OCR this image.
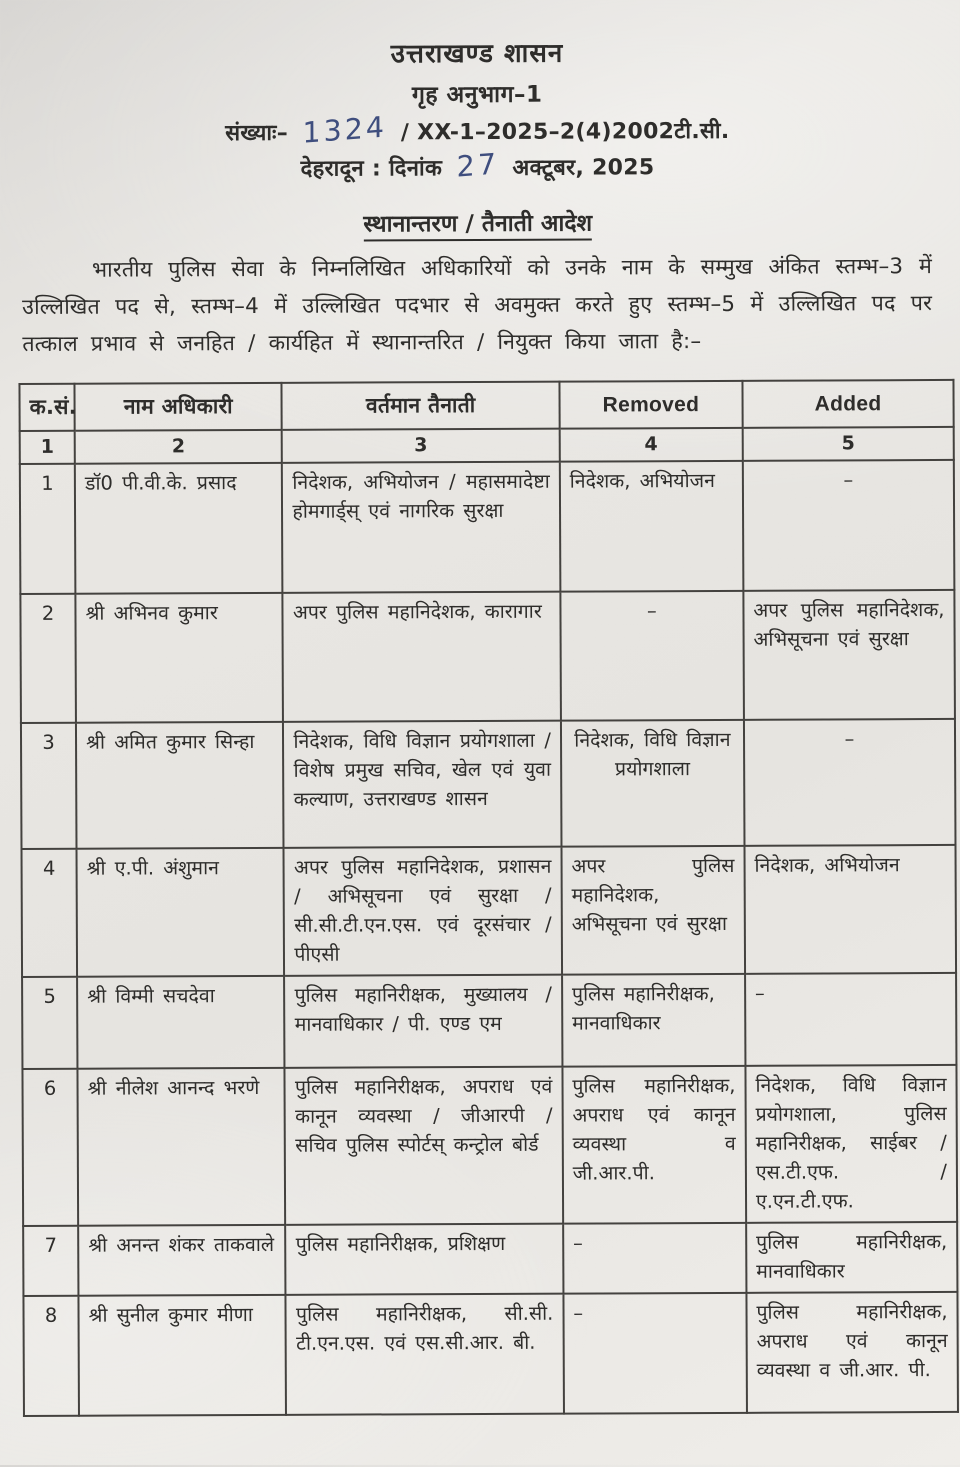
उत्तराखण्ड शासन
गृह अनुभाग–1
संख्याः– 1324 / XX-1–2025–2(4)2002टी.सी.
देहरादून : दिनांक 27 अक्टूबर, 2025
स्थानान्तरण / तैनाती आदेश

भारतीय पुलिस सेवा के निम्नलिखित अधिकारियों को उनके नाम के सम्मुख अंकित स्तम्भ–3 में उल्लिखित पद से, स्तम्भ–4 में उल्लिखित पदभार से अवमुक्त करते हुए स्तम्भ–5 में उल्लिखित पद पर तत्काल प्रभाव से जनहित / कार्यहित में स्थानान्तरित / नियुक्त किया जाता है:–

क.सं.	नाम अधिकारी	वर्तमान तैनाती	Removed	Added
1	2	3	4	5
1	डॉ0 पी.वी.के. प्रसाद	निदेशक, अभियोजन / महासमादेष्टा होमगार्ड्स् एवं नागरिक सुरक्षा	निदेशक, अभियोजन	–
2	श्री अभिनव कुमार	अपर पुलिस महानिदेशक, कारागार	–	अपर पुलिस महानिदेशक, अभिसूचना एवं सुरक्षा
3	श्री अमित कुमार सिन्हा	निदेशक, विधि विज्ञान प्रयोगशाला / विशेष प्रमुख सचिव, खेल एवं युवा कल्याण, उत्तराखण्ड शासन	निदेशक, विधि विज्ञान प्रयोगशाला	–
4	श्री ए.पी. अंशुमान	अपर पुलिस महानिदेशक, प्रशासन / अभिसूचना एवं सुरक्षा / सी.सी.टी.एन.एस. एवं दूरसंचार / पीएसी	अपर पुलिस महानिदेशक, अभिसूचना एवं सुरक्षा	निदेशक, अभियोजन
5	श्री विम्मी सचदेवा	पुलिस महानिरीक्षक, मुख्यालय / मानवाधिकार / पी. एण्ड एम	पुलिस महानिरीक्षक, मानवाधिकार	–
6	श्री नीलेश आनन्द भरणे	पुलिस महानिरीक्षक, अपराध एवं कानून व्यवस्था / जीआरपी / सचिव पुलिस स्पोर्टस् कन्ट्रोल बोर्ड	पुलिस महानिरीक्षक, अपराध एवं कानून व्यवस्था व जी.आर.पी.	निदेशक, विधि विज्ञान प्रयोगशाला, पुलिस महानिरीक्षक, साईबर / एस.टी.एफ. / ए.एन.टी.एफ.
7	श्री अनन्त शंकर ताकवाले	पुलिस महानिरीक्षक, प्रशिक्षण	–	पुलिस महानिरीक्षक, मानवाधिकार
8	श्री सुनील कुमार मीणा	पुलिस महानिरीक्षक, सी.सी. टी.एन.एस. एवं एस.सी.आर. बी.	–	पुलिस महानिरीक्षक, अपराध एवं कानून व्यवस्था व जी.आर. पी.
